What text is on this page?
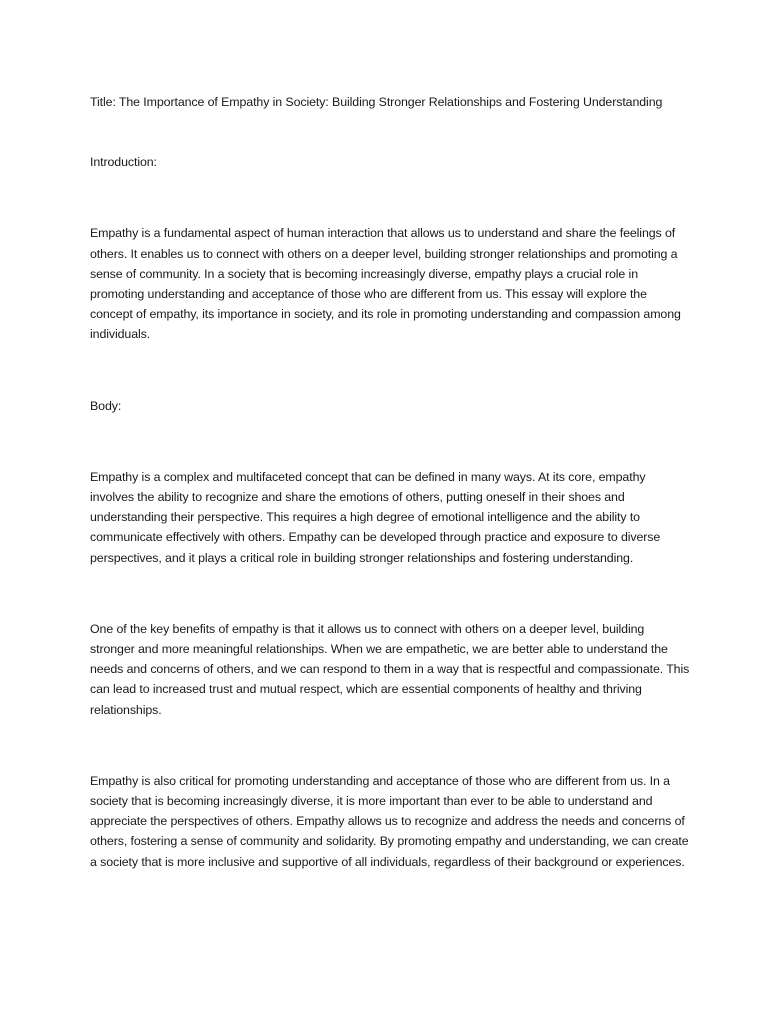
Title: The Importance of Empathy in Society: Building Stronger Relationships and Fostering Understanding

Introduction:

Empathy is a fundamental aspect of human interaction that allows us to understand and share the feelings of others. It enables us to connect with others on a deeper level, building stronger relationships and promoting a sense of community. In a society that is becoming increasingly diverse, empathy plays a crucial role in promoting understanding and acceptance of those who are different from us. This essay will explore the concept of empathy, its importance in society, and its role in promoting understanding and compassion among individuals.

Body:

Empathy is a complex and multifaceted concept that can be defined in many ways. At its core, empathy involves the ability to recognize and share the emotions of others, putting oneself in their shoes and understanding their perspective. This requires a high degree of emotional intelligence and the ability to communicate effectively with others. Empathy can be developed through practice and exposure to diverse perspectives, and it plays a critical role in building stronger relationships and fostering understanding.

One of the key benefits of empathy is that it allows us to connect with others on a deeper level, building stronger and more meaningful relationships. When we are empathetic, we are better able to understand the needs and concerns of others, and we can respond to them in a way that is respectful and compassionate. This can lead to increased trust and mutual respect, which are essential components of healthy and thriving relationships.

Empathy is also critical for promoting understanding and acceptance of those who are different from us. In a society that is becoming increasingly diverse, it is more important than ever to be able to understand and appreciate the perspectives of others. Empathy allows us to recognize and address the needs and concerns of others, fostering a sense of community and solidarity. By promoting empathy and understanding, we can create a society that is more inclusive and supportive of all individuals, regardless of their background or experiences.
